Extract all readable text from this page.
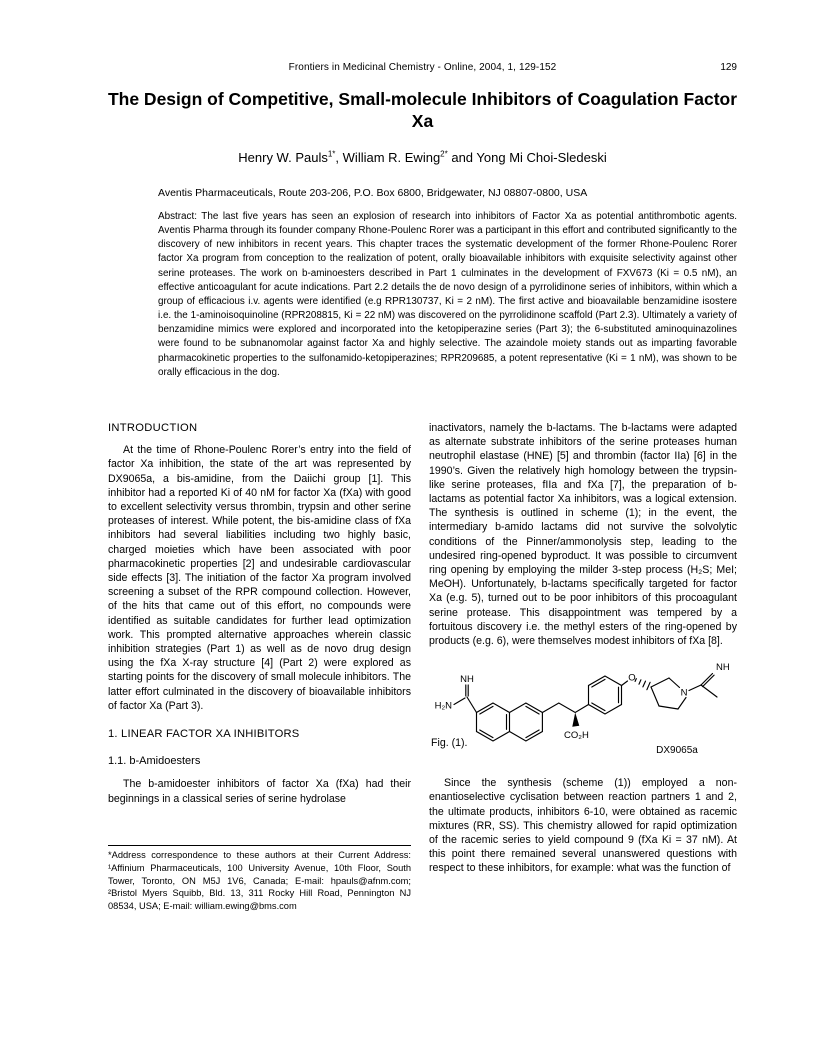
Frontiers in Medicinal Chemistry - Online, 2004, 1, 129-152	129
The Design of Competitive, Small-molecule Inhibitors of Coagulation Factor Xa
Henry W. Pauls$^{1*}$, William R. Ewing$^{2*}$ and Yong Mi Choi-Sledeski
Aventis Pharmaceuticals, Route 203-206, P.O. Box 6800, Bridgewater, NJ 08807-0800, USA
Abstract: The last five years has seen an explosion of research into inhibitors of Factor Xa as potential antithrombotic agents. Aventis Pharma through its founder company Rhone-Poulenc Rorer was a participant in this effort and contributed significantly to the discovery of new inhibitors in recent years. This chapter traces the systematic development of the former Rhone-Poulenc Rorer factor Xa program from conception to the realization of potent, orally bioavailable inhibitors with exquisite selectivity against other serine proteases. The work on b-aminoesters described in Part 1 culminates in the development of FXV673 (Ki = 0.5 nM), an effective anticoagulant for acute indications. Part 2.2 details the de novo design of a pyrrolidinone series of inhibitors, within which a group of efficacious i.v. agents were identified (e.g RPR130737, Ki = 2 nM). The first active and bioavailable benzamidine isostere i.e. the 1-aminoisoquinoline (RPR208815, Ki = 22 nM) was discovered on the pyrrolidinone scaffold (Part 2.3). Ultimately a variety of benzamidine mimics were explored and incorporated into the ketopiperazine series (Part 3); the 6-substituted aminoquinazolines were found to be subnanomolar against factor Xa and highly selective. The azaindole moiety stands out as imparting favorable pharmacokinetic properties to the sulfonamido-ketopiperazines; RPR209685, a potent representative (Ki = 1 nM), was shown to be orally efficacious in the dog.
INTRODUCTION

At the time of Rhone-Poulenc Rorer’s entry into the field of factor Xa inhibition, the state of the art was represented by DX9065a, a bis-amidine, from the Daiichi group [1]. This inhibitor had a reported Ki of 40 nM for factor Xa (fXa) with good to excellent selectivity versus thrombin, trypsin and other serine proteases of interest. While potent, the bis-amidine class of fXa inhibitors had several liabilities including two highly basic, charged moieties which have been associated with poor pharmacokinetic properties [2] and undesirable cardiovascular side effects [3]. The initiation of the factor Xa program involved screening a subset of the RPR compound collection. However, of the hits that came out of this effort, no compounds were identified as suitable candidates for further lead optimization work. This prompted alternative approaches wherein classic inhibition strategies (Part 1) as well as de novo drug design using the fXa X-ray structure [4] (Part 2) were explored as starting points for the discovery of small molecule inhibitors. The latter effort culminated in the discovery of bioavailable inhibitors of factor Xa (Part 3).

1. LINEAR FACTOR XA INHIBITORS
1.1. b-Amidoesters

The b-amidoester inhibitors of factor Xa (fXa) had their beginnings in a classical series of serine hydrolase

inactivators, namely the b-lactams. The b-lactams were adapted as alternate substrate inhibitors of the serine proteases human neutrophil elastase (HNE) [5] and thrombin (factor IIa) [6] in the 1990’s. Given the relatively high homology between the trypsin-like serine proteases, fIIa and fXa [7], the preparation of b-lactams as potential factor Xa inhibitors, was a logical extension. The synthesis is outlined in scheme (1); in the event, the intermediary b-amido lactams did not survive the solvolytic conditions of the Pinner/ammonolysis step, leading to the undesired ring-opened byproduct. It was possible to circumvent ring opening by employing the milder 3-step process (H₂S; MeI; MeOH). Unfortunately, b-lactams specifically targeted for factor Xa (e.g. 5), turned out to be poor inhibitors of this procoagulant serine protease. This disappointment was tempered by a fortuitous discovery i.e. the methyl esters of the ring-opened by products (e.g. 6), were themselves modest inhibitors of fXa [8].

NH
H₂N
CO₂H
O
N
NH
DX9065a
Fig. (1).

Since the synthesis (scheme (1)) employed a non-enantioselective cyclisation between reaction partners 1 and 2, the ultimate products, inhibitors 6-10, were obtained as racemic mixtures (RR, SS). This chemistry allowed for rapid optimization of the racemic series to yield compound 9 (fXa Ki = 37 nM). At this point there remained several unanswered questions with respect to these inhibitors, for example: what was the function of

*Address correspondence to these authors at their Current Address: ¹Affinium Pharmaceuticals, 100 University Avenue, 10th Floor, South Tower, Toronto, ON M5J 1V6, Canada; E-mail: hpauls@afnm.com; ²Bristol Myers Squibb, Bld. 13, 311 Rocky Hill Road, Pennington NJ 08534, USA; E-mail: william.ewing@bms.com
